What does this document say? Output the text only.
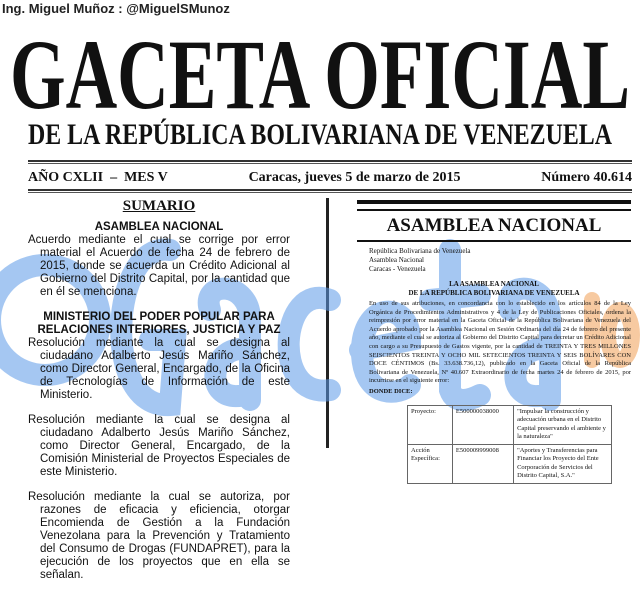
Ing. Miguel Muñoz : @MiguelSMunoz
GACETA OFICIAL
DE LA REPÚBLICA BOLIVARIANA DE VENEZUELA
AÑO CXLII  –  MES V	Caracas, jueves 5 de marzo de 2015	Número 40.614
SUMARIO
ASAMBLEA NACIONAL

Acuerdo mediante el cual se corrige por error material el Acuerdo de fecha 24 de febrero de 2015, donde se acuerda un Crédito Adicional al Gobierno del Distrito Capital, por la cantidad que en él se menciona.

MINISTERIO DEL PODER POPULAR PARA RELACIONES INTERIORES, JUSTICIA Y PAZ

Resolución mediante la cual se designa al ciudadano Adalberto Jesús Mariño Sánchez, como Director General, Encargado, de la Oficina de Tecnologías de Información de este Ministerio.

Resolución mediante la cual se designa al ciudadano Adalberto Jesús Mariño Sánchez, como Director General, Encargado, de la Comisión Ministerial de Proyectos Especiales de este Ministerio.

Resolución mediante la cual se autoriza, por razones de eficacia y eficiencia, otorgar Encomienda de Gestión a la Fundación Venezolana para la Prevención y Tratamiento del Consumo de Drogas (FUNDAPRET), para la ejecución de los proyectos que en ella se señalan.

ASAMBLEA NACIONAL
República Bolivariana de Venezuela
Asamblea Nacional
Caracas - Venezuela
LA ASAMBLEA NACIONAL
DE LA REPÚBLICA BOLIVARIANA DE VENEZUELA
En uso de sus atribuciones, en concordancia con lo establecido en los artículos 84 de la Ley Orgánica de Procedimientos Administrativos y 4 de la Ley de Publicaciones Oficiales, ordena la reimpresión por error material en la Gaceta Oficial de la República Bolivariana de Venezuela del Acuerdo aprobado por la Asamblea Nacional en Sesión Ordinaria del día 24 de febrero del presente año, mediante el cual se autoriza al Gobierno del Distrito Capital para decretar un Crédito Adicional con cargo a su Presupuesto de Gastos vigente, por la cantidad de TREINTA Y TRES MILLONES SEISCIENTOS TREINTA Y OCHO MIL SETECIENTOS TREINTA Y SEIS BOLÍVARES CON DOCE CÉNTIMOS (Bs. 33.638.736,12), publicado en la Gaceta Oficial de la República Bolivariana de Venezuela, Nº 40.607 Extraordinario de fecha martes 24 de febrero de 2015, por incurrirse en el siguiente error:
DONDE DICE:
Proyecto:	E500000038000	"Impulsar la construcción y adecuación urbana en el Distrito Capital preservando el ambiente y la naturaleza"
Acción Específica:	E500009999008	"Aportes y Transferencias para Financiar los Proyecto del Ente Corporación de Servicios del Distrito Capital, S.A."
